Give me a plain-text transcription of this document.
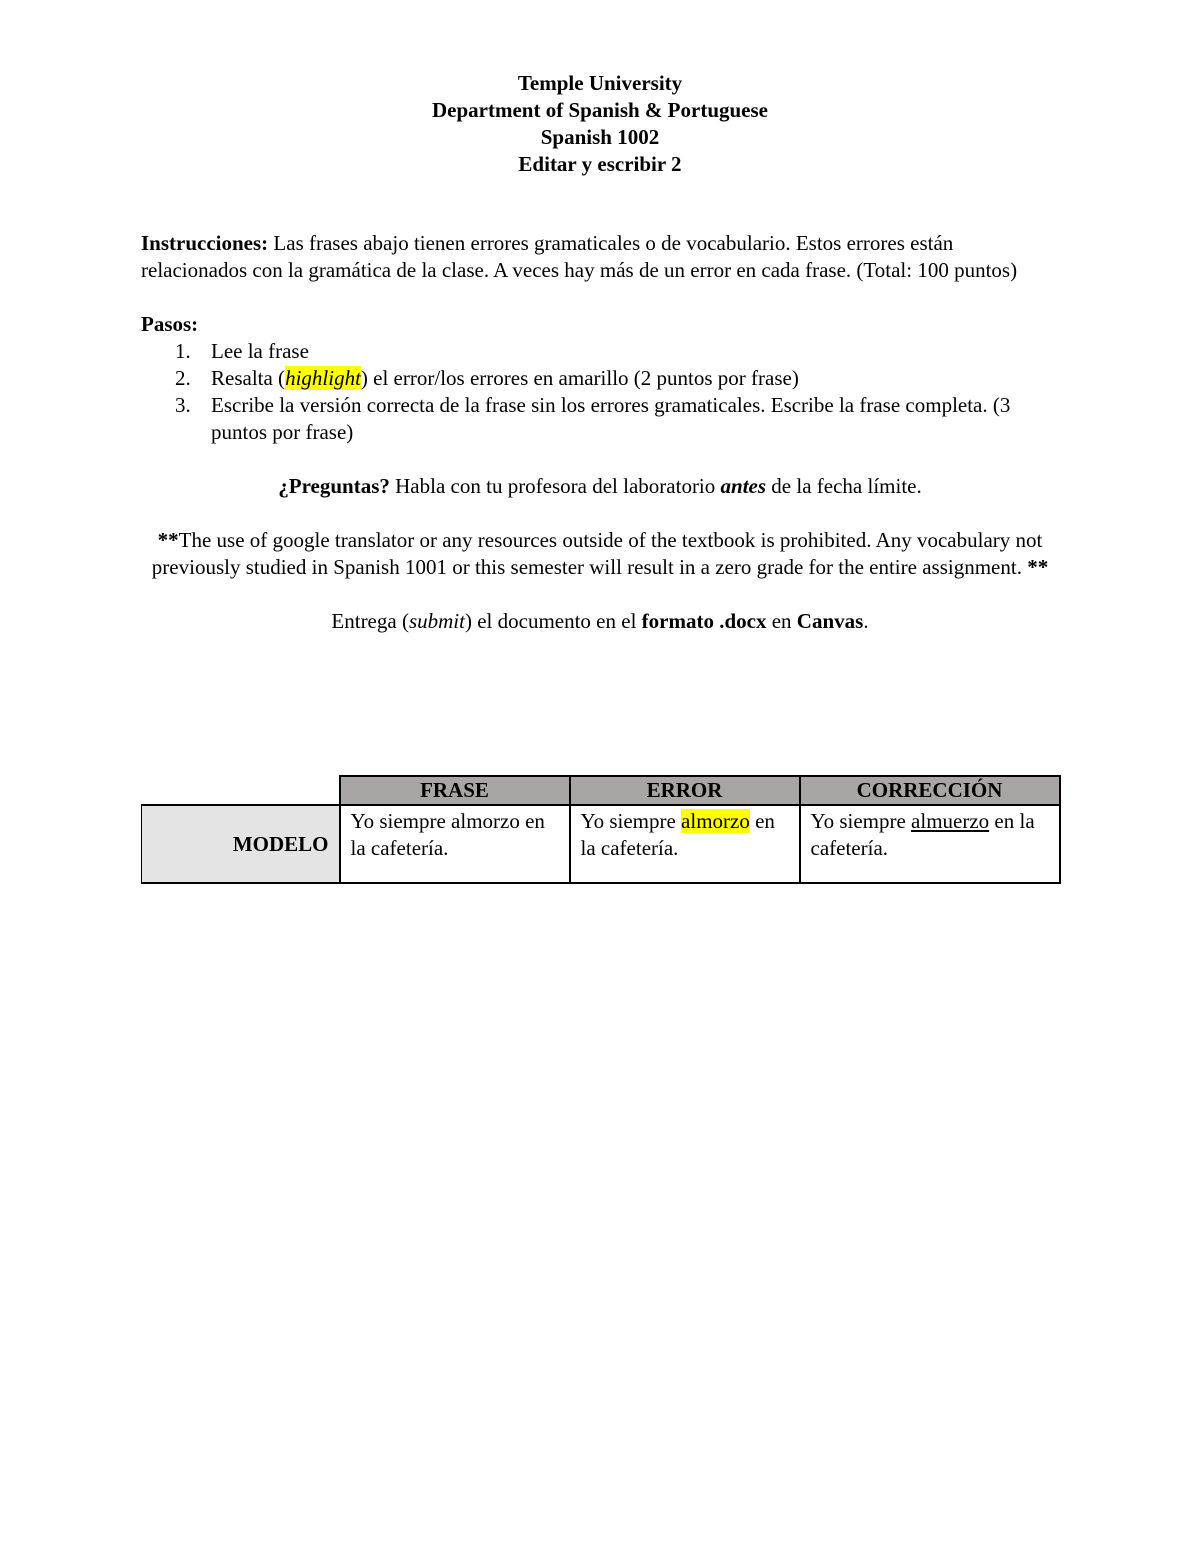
Temple University
Department of Spanish & Portuguese
Spanish 1002
Editar y escribir 2

Instrucciones: Las frases abajo tienen errores gramaticales o de vocabulario. Estos errores están relacionados con la gramática de la clase. A veces hay más de un error en cada frase. (Total: 100 puntos)

Pasos:

1. Lee la frase
2. Resalta (highlight) el error/los errores en amarillo (2 puntos por frase)
3. Escribe la versión correcta de la frase sin los errores gramaticales. Escribe la frase completa. (3 puntos por frase)

¿Preguntas? Habla con tu profesora del laboratorio antes de la fecha límite.

**The use of google translator or any resources outside of the textbook is prohibited. Any vocabulary not previously studied in Spanish 1001 or this semester will result in a zero grade for the entire assignment. **

Entrega (submit) el documento en el formato .docx en Canvas.

	FRASE	ERROR	CORRECCIÓN
MODELO	Yo siempre almorzo en la cafetería.	Yo siempre almorzo en la cafetería.	Yo siempre almuerzo en la cafetería.
